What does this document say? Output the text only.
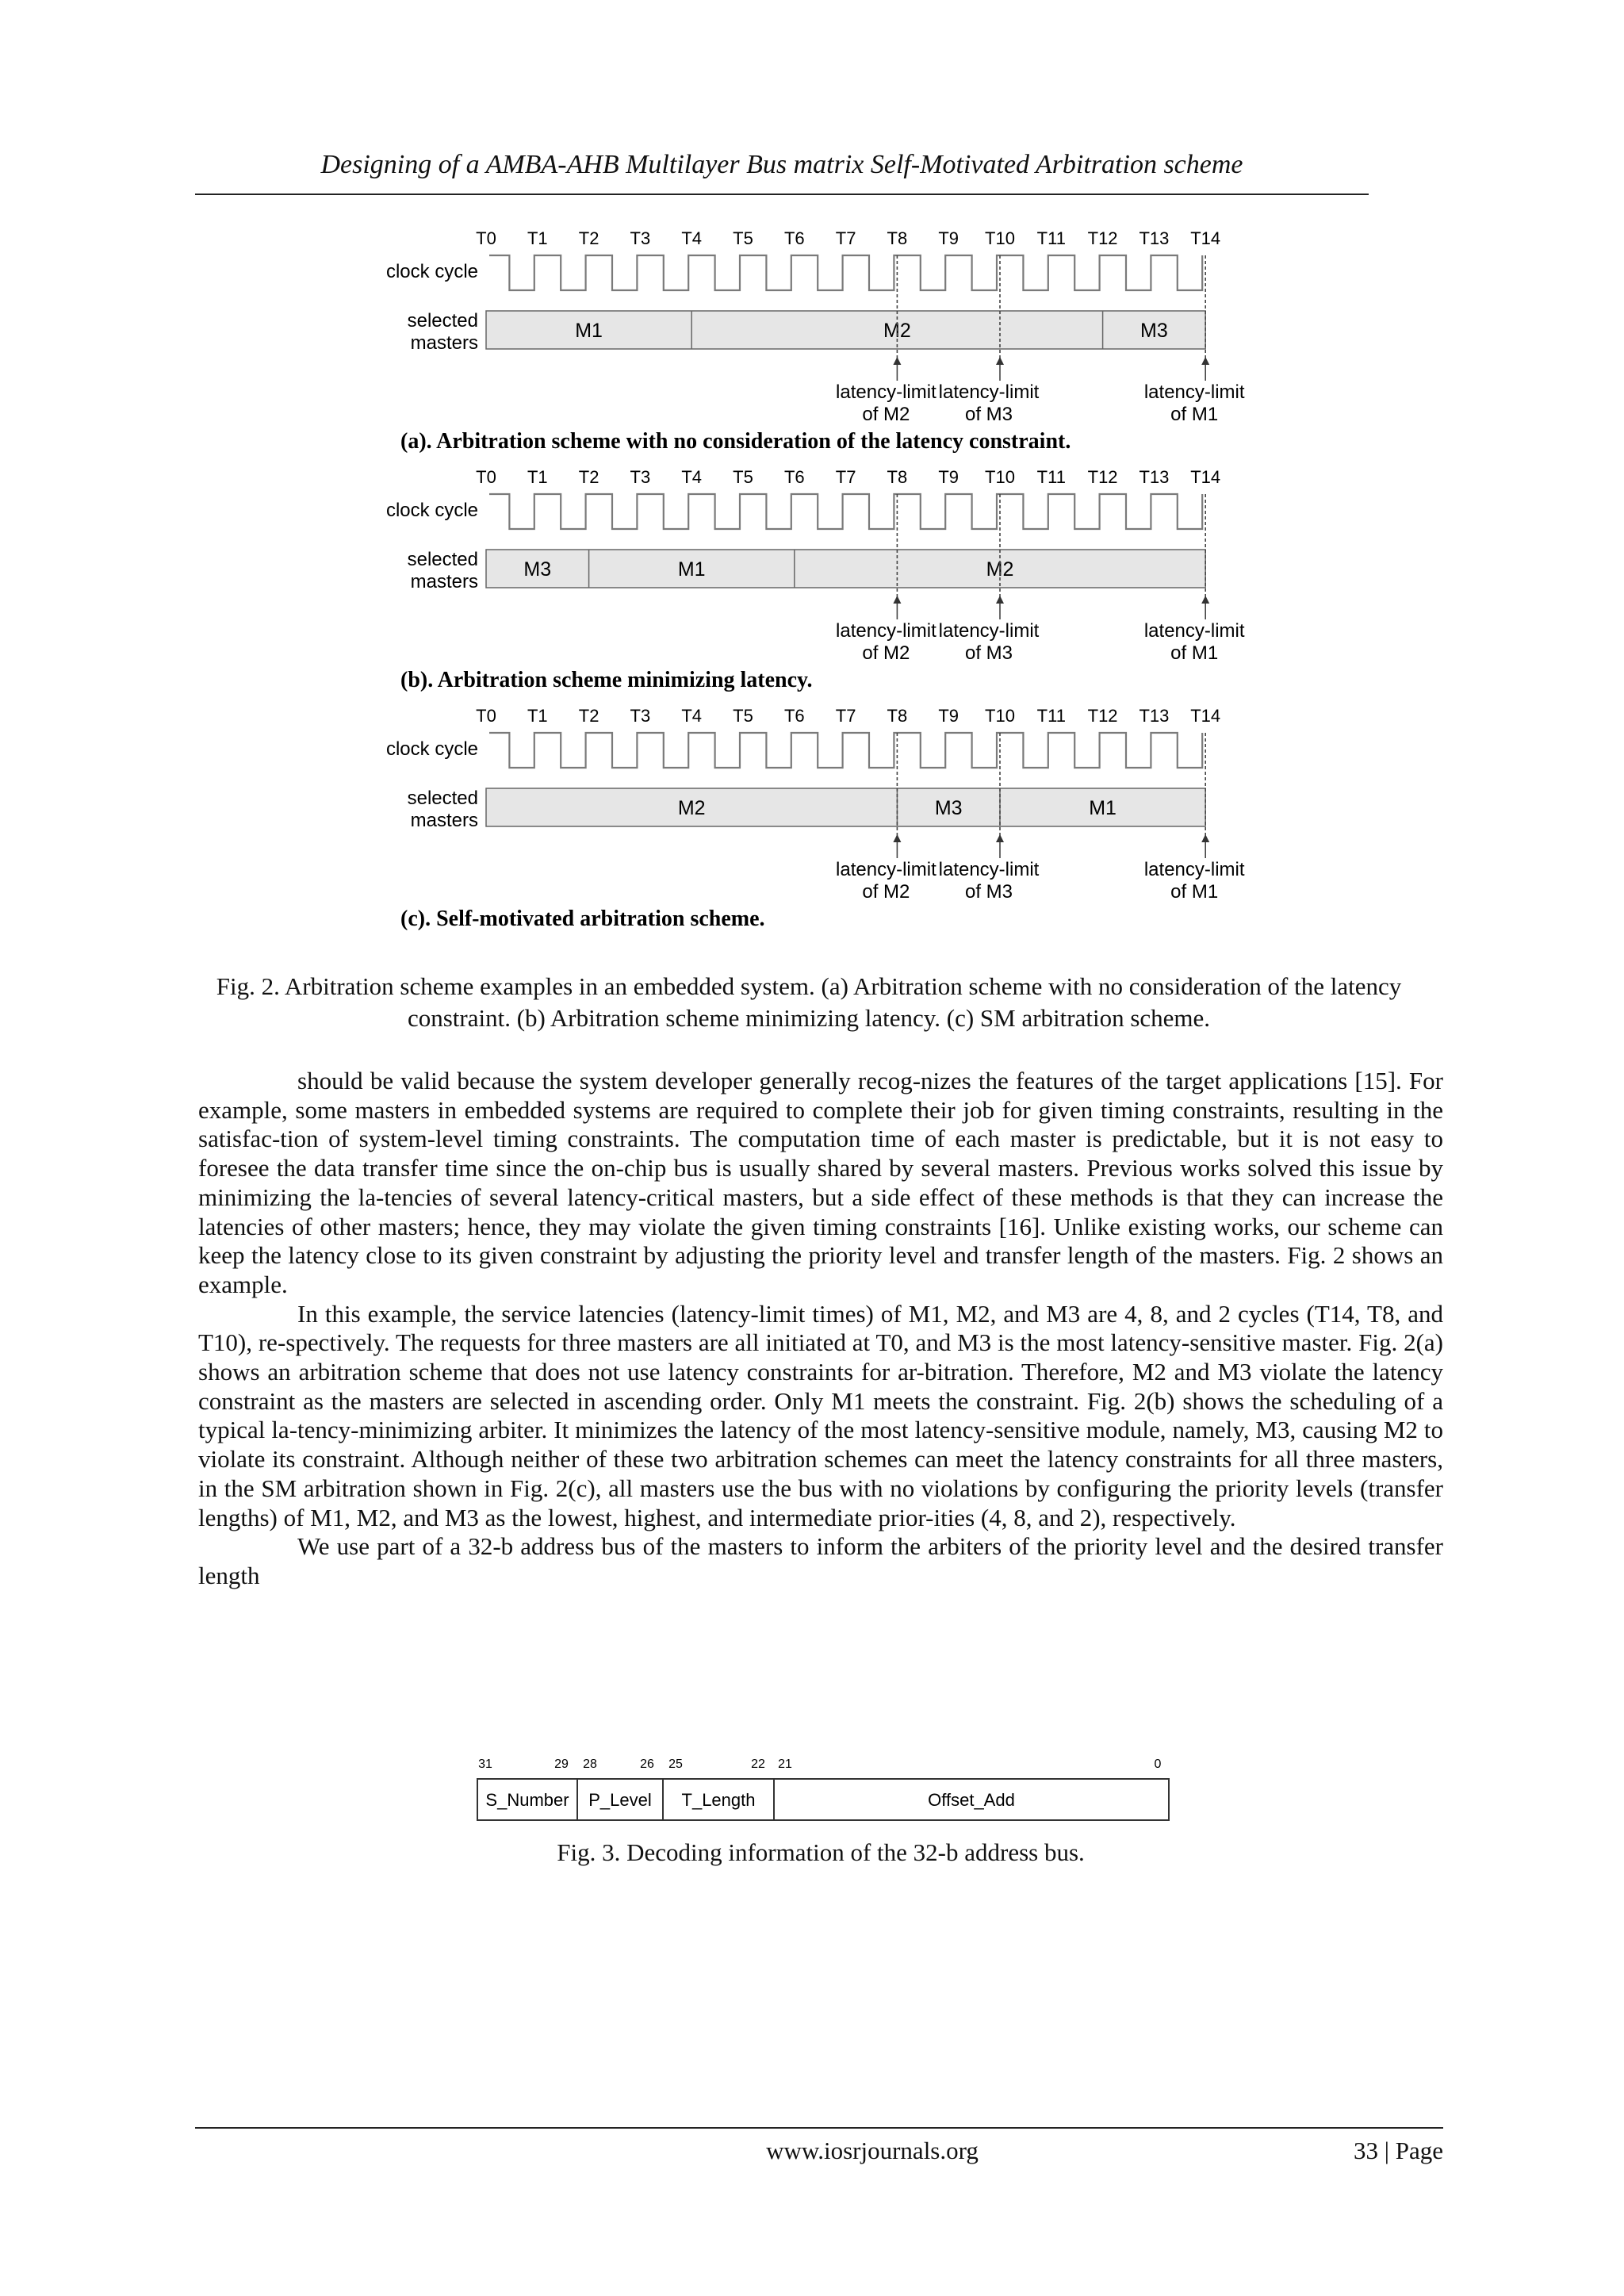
Designing of a AMBA-AHB Multilayer Bus matrix Self-Motivated Arbitration scheme
T0 T1 T2 T3 T4 T5 T6 T7 T8 T9 T10 T11 T12 T13 T14
clock cycle
selected
masters
M1	M2	M3
latency-limit
of M2
latency-limit
of M3
latency-limit
of M1
(a). Arbitration scheme with no consideration of the latency constraint.
T0 T1 T2 T3 T4 T5 T6 T7 T8 T9 T10 T11 T12 T13 T14
clock cycle
selected
masters
M3	M1	M2
latency-limit
of M2
latency-limit
of M3
latency-limit
of M1
(b). Arbitration scheme minimizing latency.
T0 T1 T2 T3 T4 T5 T6 T7 T8 T9 T10 T11 T12 T13 T14
clock cycle
selected
masters
M2	M3	M1
latency-limit
of M2
latency-limit
of M3
latency-limit
of M1
(c). Self-motivated arbitration scheme.
Fig. 2. Arbitration scheme examples in an embedded system. (a) Arbitration scheme with no consideration of the latency constraint. (b) Arbitration scheme minimizing latency. (c) SM arbitration scheme.

should be valid because the system developer generally recog-nizes the features of the target applications [15]. For example, some masters in embedded systems are required to complete their job for given timing constraints, resulting in the satisfac-tion of system-level timing constraints. The computation time of each master is predictable, but it is not easy to foresee the data transfer time since the on-chip bus is usually shared by several masters. Previous works solved this issue by minimizing the la-tencies of several latency-critical masters, but a side effect of these methods is that they can increase the latencies of other masters; hence, they may violate the given timing constraints [16]. Unlike existing works, our scheme can keep the latency close to its given constraint by adjusting the priority level and transfer length of the masters. Fig. 2 shows an example.

In this example, the service latencies (latency-limit times) of M1, M2, and M3 are 4, 8, and 2 cycles (T14, T8, and T10), re-spectively. The requests for three masters are all initiated at T0, and M3 is the most latency-sensitive master. Fig. 2(a) shows an arbitration scheme that does not use latency constraints for ar-bitration. Therefore, M2 and M3 violate the latency constraint as the masters are selected in ascending order. Only M1 meets the constraint. Fig. 2(b) shows the scheduling of a typical la-tency-minimizing arbiter. It minimizes the latency of the most latency-sensitive module, namely, M3, causing M2 to violate its constraint. Although neither of these two arbitration schemes can meet the latency constraints for all three masters, in the SM arbitration shown in Fig. 2(c), all masters use the bus with no violations by configuring the priority levels (transfer lengths) of M1, M2, and M3 as the lowest, highest, and intermediate prior-ities (4, 8, and 2), respectively.

We use part of a 32-b address bus of the masters to inform the arbiters of the priority level and the desired transfer length

S_Number P_Level T_Length	Offset_Add
31	29 28	26 25	22 21	0
Fig. 3. Decoding information of the 32-b address bus.
www.iosrjournals.org	33 | Page
